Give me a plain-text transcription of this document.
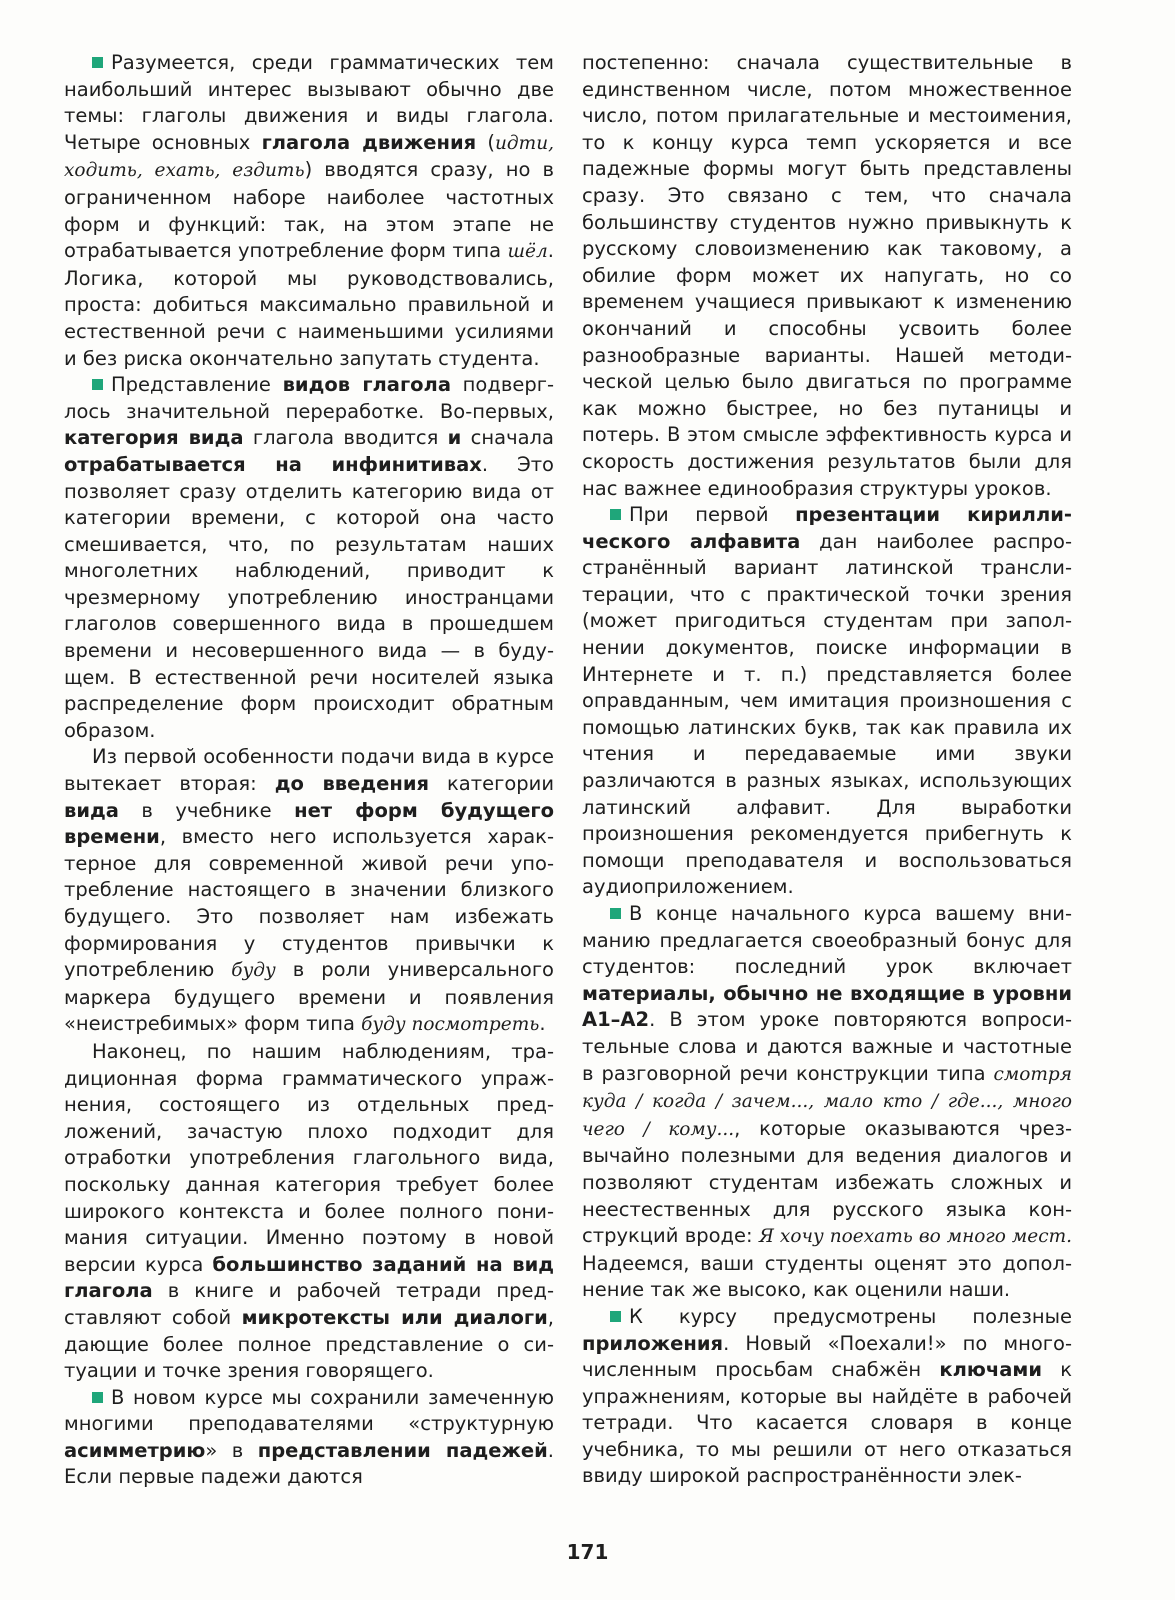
Разумеется, среди грамматических тем наибольший интерес вызывают обычно две темы: глаголы движения и виды глагола. Четыре основных глагола движения (идти, ходить, ехать, ездить) вводятся сразу, но в ограниченном наборе наиболее частотных форм и функций: так, на этом этапе не отрабатывается употребление форм типа шёл. Логика, которой мы руководствовались, проста: добиться максимально правильной и естественной речи с наименьшими усилиями и без риска окончательно запутать студента.

Представление видов глагола подверглось значительной переработке. Во-первых, категория вида глагола вводится и сначала отрабатывается на инфинитивах. Это позволяет сразу отделить категорию вида от категории времени, с которой она часто смешивается, что, по результатам наших многолетних наблюдений, приводит к чрезмерному употреблению иностранцами глаголов совершенного вида в прошедшем времени и несовершенного вида — в будущем. В естественной речи носителей языка распределение форм происходит обратным образом.

Из первой особенности подачи вида в курсе вытекает вторая: до введения категории вида в учебнике нет форм будущего времени, вместо него используется характерное для современной живой речи употребление настоящего в значении близкого будущего. Это позволяет нам избежать формирования у студентов привычки к употреблению буду в роли универсального маркера будущего времени и появления «неистребимых» форм типа буду посмотреть.

Наконец, по нашим наблюдениям, традиционная форма грамматического упражнения, состоящего из отдельных предложений, зачастую плохо подходит для отработки употребления глагольного вида, поскольку данная категория требует более широкого контекста и более полного понимания ситуации. Именно поэтому в новой версии курса большинство заданий на вид глагола в книге и рабочей тетради представляют собой микротексты или диалоги, дающие более полное представление о ситуации и точке зрения говорящего.

В новом курсе мы сохранили замеченную многими преподавателями «структурную асимметрию» в представлении падежей. Если первые падежи даются

постепенно: сначала существительные в единственном числе, потом множественное число, потом прилагательные и местоимения, то к концу курса темп ускоряется и все падежные формы могут быть представлены сразу. Это связано с тем, что сначала большинству студентов нужно привыкнуть к русскому словоизменению как таковому, а обилие форм может их напугать, но со временем учащиеся привыкают к изменению окончаний и способны усвоить более разнообразные варианты. Нашей методической целью было двигаться по программе как можно быстрее, но без путаницы и потерь. В этом смысле эффективность курса и скорость достижения результатов были для нас важнее единообразия структуры уроков.

При первой презентации кириллического алфавита дан наиболее распространённый вариант латинской транслитерации, что с практической точки зрения (может пригодиться студентам при заполнении документов, поиске информации в Интернете и т. п.) представляется более оправданным, чем имитация произношения с помощью латинских букв, так как правила их чтения и передаваемые ими звуки различаются в разных языках, использующих латинский алфавит. Для выработки произношения рекомендуется прибегнуть к помощи преподавателя и воспользоваться аудиоприложением.

В конце начального курса вашему вниманию предлагается своеобразный бонус для студентов: последний урок включает материалы, обычно не входящие в уровни А1–А2. В этом уроке повторяются вопросительные слова и даются важные и частотные в разговорной речи конструкции типа смотря куда / когда / зачем..., мало кто / где..., много чего / кому..., которые оказываются чрезвычайно полезными для ведения диалогов и позволяют студентам избежать сложных и неестественных для русского языка конструкций вроде: Я хочу поехать во много мест. Надеемся, ваши студенты оценят это дополнение так же высоко, как оценили наши.

К курсу предусмотрены полезные приложения. Новый «Поехали!» по многочисленным просьбам снабжён ключами к упражнениям, которые вы найдёте в рабочей тетради. Что касается словаря в конце учебника, то мы решили от него отказаться ввиду широкой распространённости элек-

171
